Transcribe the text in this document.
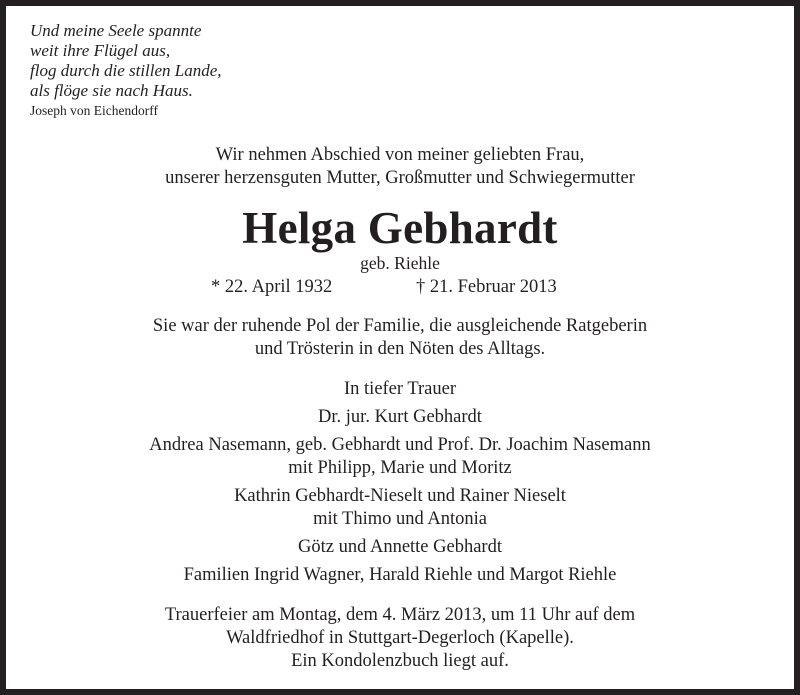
Und meine Seele spannte
weit ihre Flügel aus,
flog durch die stillen Lande,
als flöge sie nach Haus.
Joseph von Eichendorff
Wir nehmen Abschied von meiner geliebten Frau,
unserer herzensguten Mutter, Großmutter und Schwiegermutter
Helga Gebhardt
geb. Riehle
* 22. April 1932	† 21. Februar 2013
Sie war der ruhende Pol der Familie, die ausgleichende Ratgeberin
und Trösterin in den Nöten des Alltags.
In tiefer Trauer
Dr. jur. Kurt Gebhardt
Andrea Nasemann, geb. Gebhardt und Prof. Dr. Joachim Nasemann
mit Philipp, Marie und Moritz
Kathrin Gebhardt-Nieselt und Rainer Nieselt
mit Thimo und Antonia
Götz und Annette Gebhardt
Familien Ingrid Wagner, Harald Riehle und Margot Riehle
Trauerfeier am Montag, dem 4. März 2013, um 11 Uhr auf dem
Waldfriedhof in Stuttgart-Degerloch (Kapelle).
Ein Kondolenzbuch liegt auf.
